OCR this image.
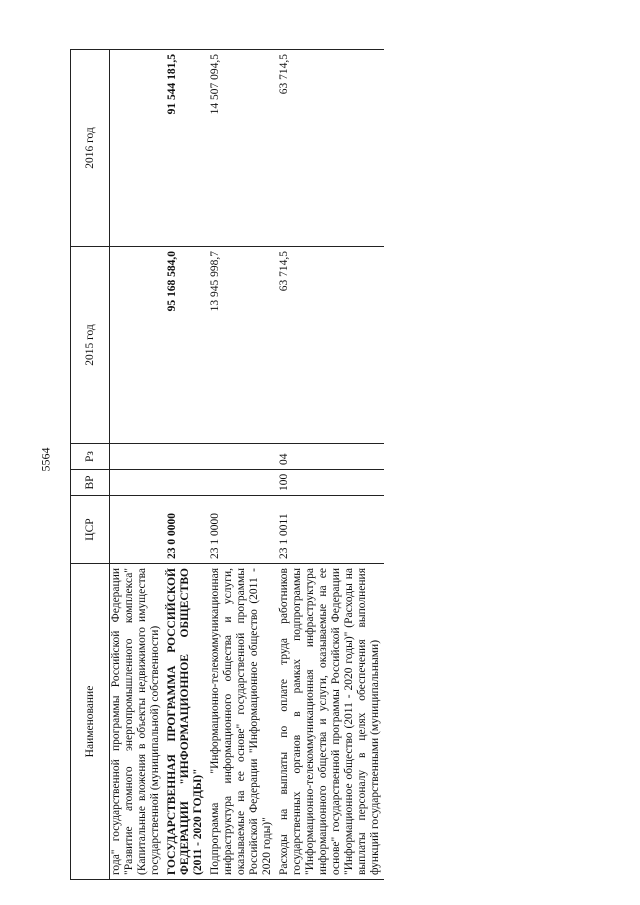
5564
Наименование	ЦСР	ВР	Рз	2015 год	2016 год
года" государственной программы Российской Федерации "Развитие атомного энергопромышленного комплекса" (Капитальные вложения в объекты недвижимого имущества государственной (муниципальной) собственности)					
ГОСУДАРСТВЕННАЯ ПРОГРАММА РОССИЙСКОЙ ФЕДЕРАЦИИ "ИНФОРМАЦИОННОЕ ОБЩЕСТВО (2011 - 2020 ГОДЫ)"	23 0 0000			95 168 584,0	91 544 181,5
Подпрограмма "Информационно-телекоммуникационная инфраструктура информационного общества и услуги, оказываемые на ее основе" государственной программы Российской Федерации "Информационное общество (2011 - 2020 годы)"	23 1 0000			13 945 998,7	14 507 094,5
Расходы на выплаты по оплате труда работников государственных органов в рамках подпрограммы "Информационно-телекоммуникационная инфраструктура информационного общества и услуги, оказываемые на ее основе" государственной программы Российской Федерации "Информационное общество (2011 - 2020 годы)" (Расходы на выплаты персоналу в целях обеспечения выполнения функций государственными (муниципальными)	23 1 0011	100	04	63 714,5	63 714,5
